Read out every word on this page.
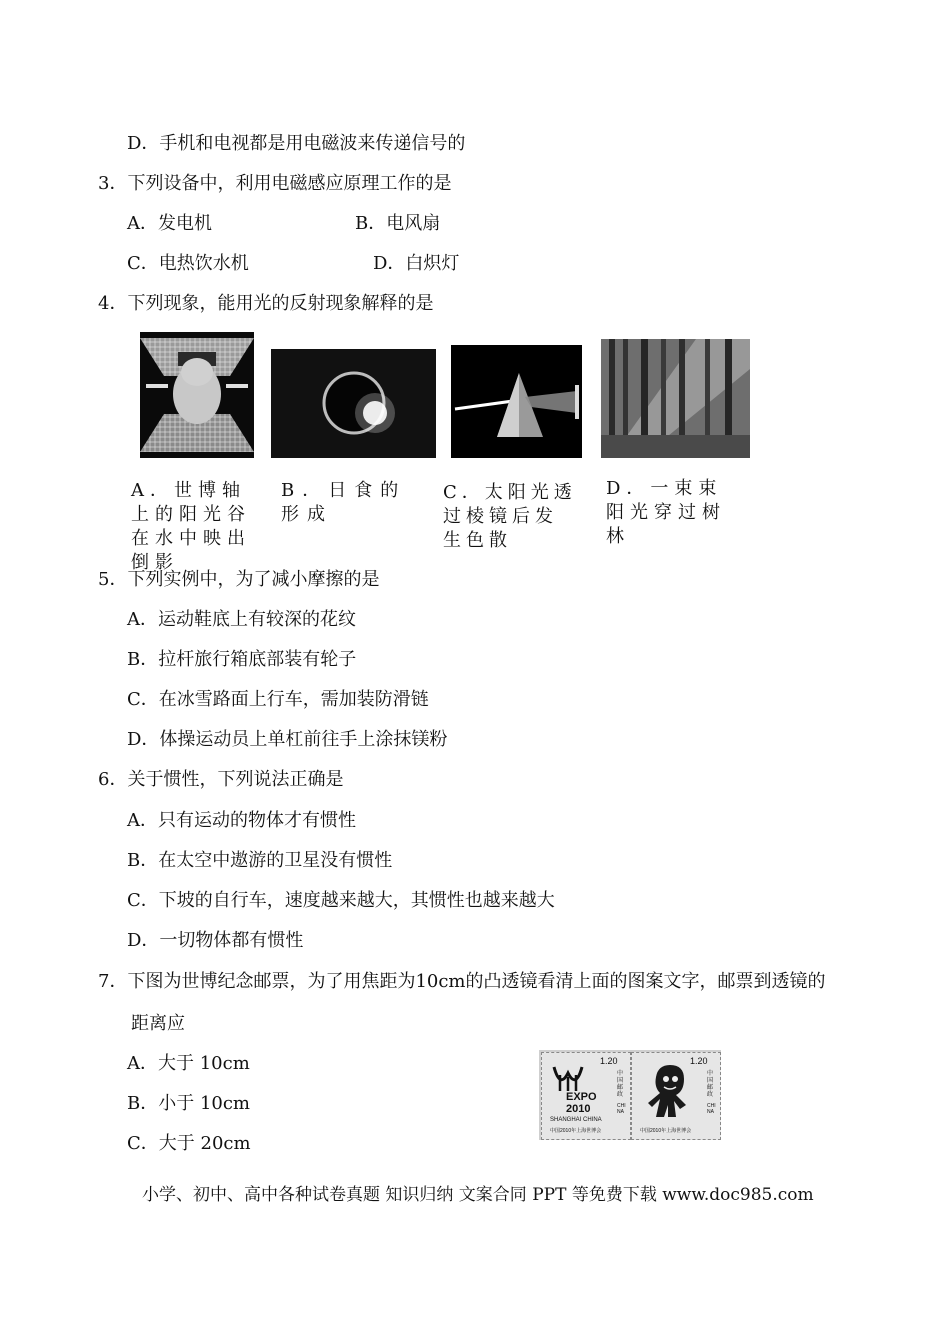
D．手机和电视都是用电磁波来传递信号的
3．下列设备中，利用电磁感应原理工作的是
A．发电机	B．电风扇
C．电热饮水机	D．白炽灯
4．下列现象，能用光的反射现象解释的是
A．世博轴上的阳光谷在水中映出倒影
B．日食的形成
C．太阳光透过棱镜后发生色散
D．一束束阳光穿过树林
5．下列实例中，为了减小摩擦的是
A．运动鞋底上有较深的花纹
B．拉杆旅行箱底部装有轮子
C．在冰雪路面上行车，需加装防滑链
D．体操运动员上单杠前往手上涂抹镁粉
6．关于惯性，下列说法正确是
A．只有运动的物体才有惯性
B．在太空中遨游的卫星没有惯性
C．下坡的自行车，速度越来越大，其惯性也越来越大
D．一切物体都有惯性
7．下图为世博纪念邮票，为了用焦距为10cm的凸透镜看清上面的图案文字，邮票到透镜的
距离应
A．大于 10cm
B．小于 10cm
C．大于 20cm
1.20
中国邮政
CHINA
EXPO
2010
SHANGHAI CHINA
中国2010年上海世博会
1.20
中国邮政
CHINA
中国2010年上海世博会
小学、初中、高中各种试卷真题 知识归纳 文案合同 PPT 等免费下载 www.doc985.com
